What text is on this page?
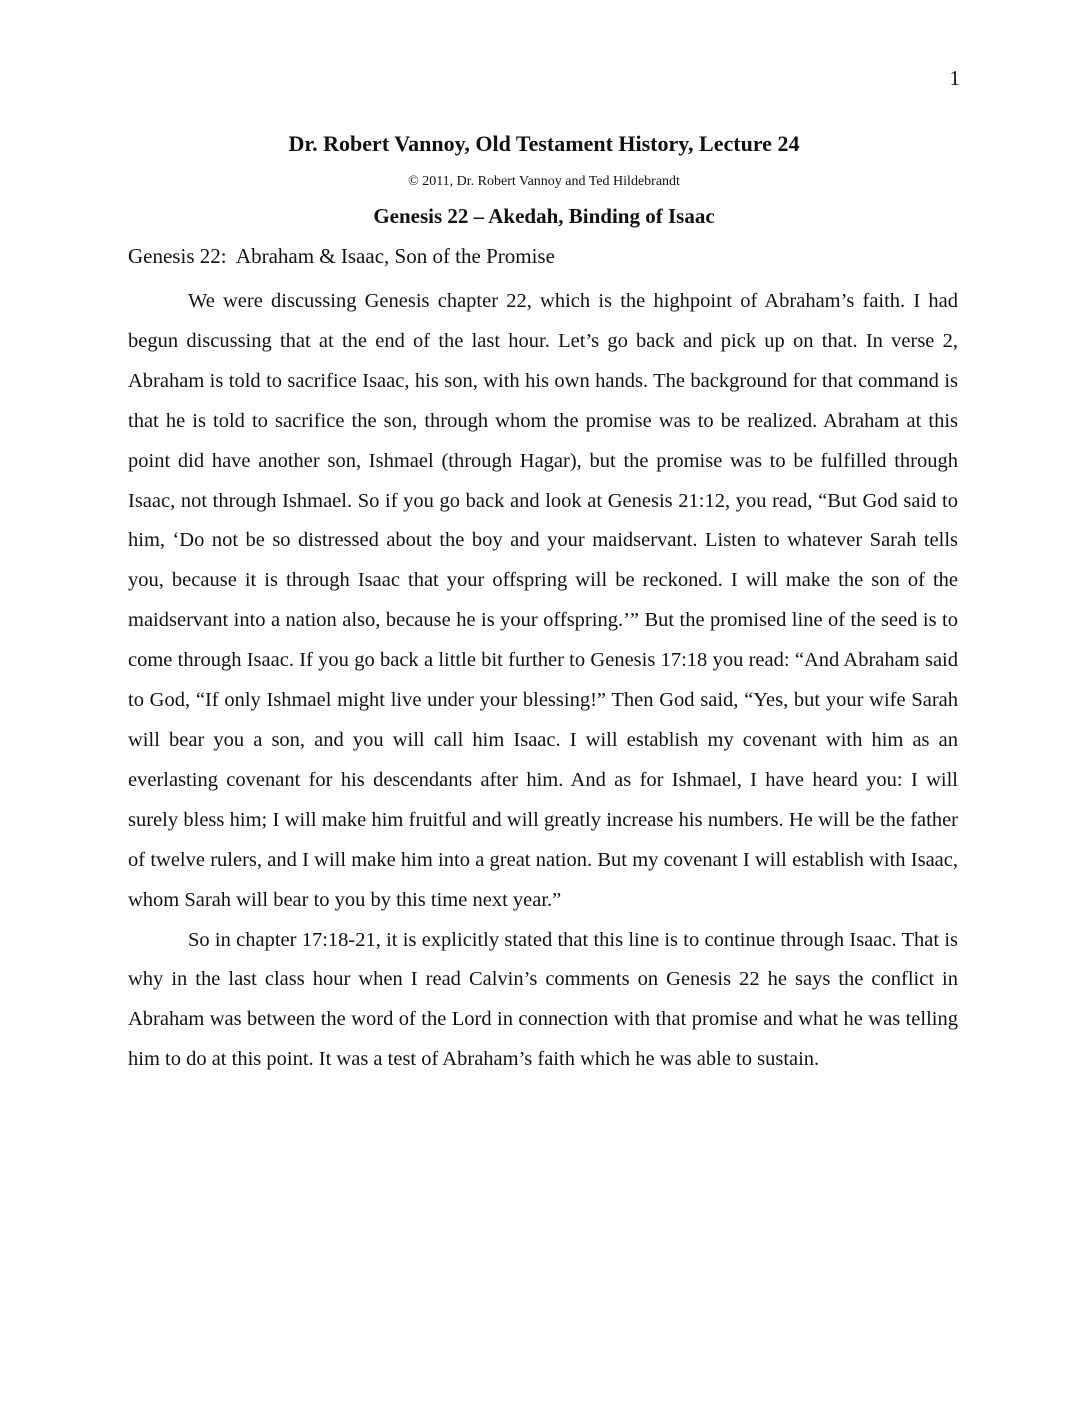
1
Dr. Robert Vannoy, Old Testament History, Lecture 24
© 2011, Dr. Robert Vannoy and Ted Hildebrandt
Genesis 22 – Akedah, Binding of Isaac
Genesis 22:  Abraham & Isaac, Son of the Promise

We were discussing Genesis chapter 22, which is the highpoint of Abraham’s faith. I had begun discussing that at the end of the last hour. Let’s go back and pick up on that. In verse 2, Abraham is told to sacrifice Isaac, his son, with his own hands. The background for that command is that he is told to sacrifice the son, through whom the promise was to be realized. Abraham at this point did have another son, Ishmael (through Hagar), but the promise was to be fulfilled through Isaac, not through Ishmael. So if you go back and look at Genesis 21:12, you read, “But God said to him, ‘Do not be so distressed about the boy and your maidservant. Listen to whatever Sarah tells you, because it is through Isaac that your offspring will be reckoned. I will make the son of the maidservant into a nation also, because he is your offspring.’” But the promised line of the seed is to come through Isaac. If you go back a little bit further to Genesis 17:18 you read: “And Abraham said to God, “If only Ishmael might live under your blessing!” Then God said, “Yes, but your wife Sarah will bear you a son, and you will call him Isaac. I will establish my covenant with him as an everlasting covenant for his descendants after him. And as for Ishmael, I have heard you: I will surely bless him; I will make him fruitful and will greatly increase his numbers. He will be the father of twelve rulers, and I will make him into a great nation. But my covenant I will establish with Isaac, whom Sarah will bear to you by this time next year.”

So in chapter 17:18-21, it is explicitly stated that this line is to continue through Isaac. That is why in the last class hour when I read Calvin’s comments on Genesis 22 he says the conflict in Abraham was between the word of the Lord in connection with that promise and what he was telling him to do at this point. It was a test of Abraham’s faith which he was able to sustain.
